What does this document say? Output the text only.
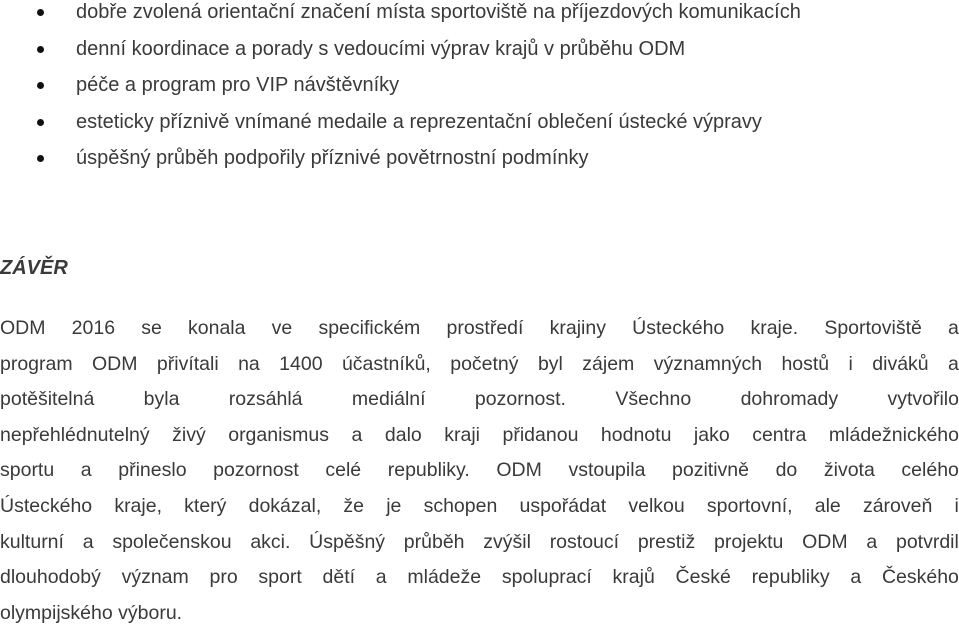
dobře zvolená orientační značení místa sportoviště na příjezdových komunikacích
denní koordinace a porady s vedoucími výprav krajů v průběhu ODM
péče a program pro VIP návštěvníky
esteticky příznivě vnímané medaile a reprezentační oblečení ústecké výpravy
úspěšný průběh podpořily příznivé povětrnostní podmínky
ZÁVĚR
ODM 2016 se konala ve specifickém prostředí krajiny Ústeckého kraje. Sportoviště a
program ODM přivítali na 1400 účastníků, početný byl zájem významných hostů i diváků a
potěšitelná	byla	rozsáhlá	mediální	pozornost.	Všechno	dohromady	vytvořilo
nepřehlédnutelný živý organismus a dalo kraji přidanou hodnotu jako centra mládežnického
sportu a přineslo pozornost celé republiky. ODM vstoupila pozitivně do života celého
Ústeckého kraje, který dokázal, že je schopen uspořádat velkou sportovní, ale zároveň i
kulturní a společenskou akci. Úspěšný průběh zvýšil rostoucí prestiž projektu ODM a potvrdil
dlouhodobý význam pro sport dětí a mládeže spoluprací krajů České republiky a Českého
olympijského výboru.
